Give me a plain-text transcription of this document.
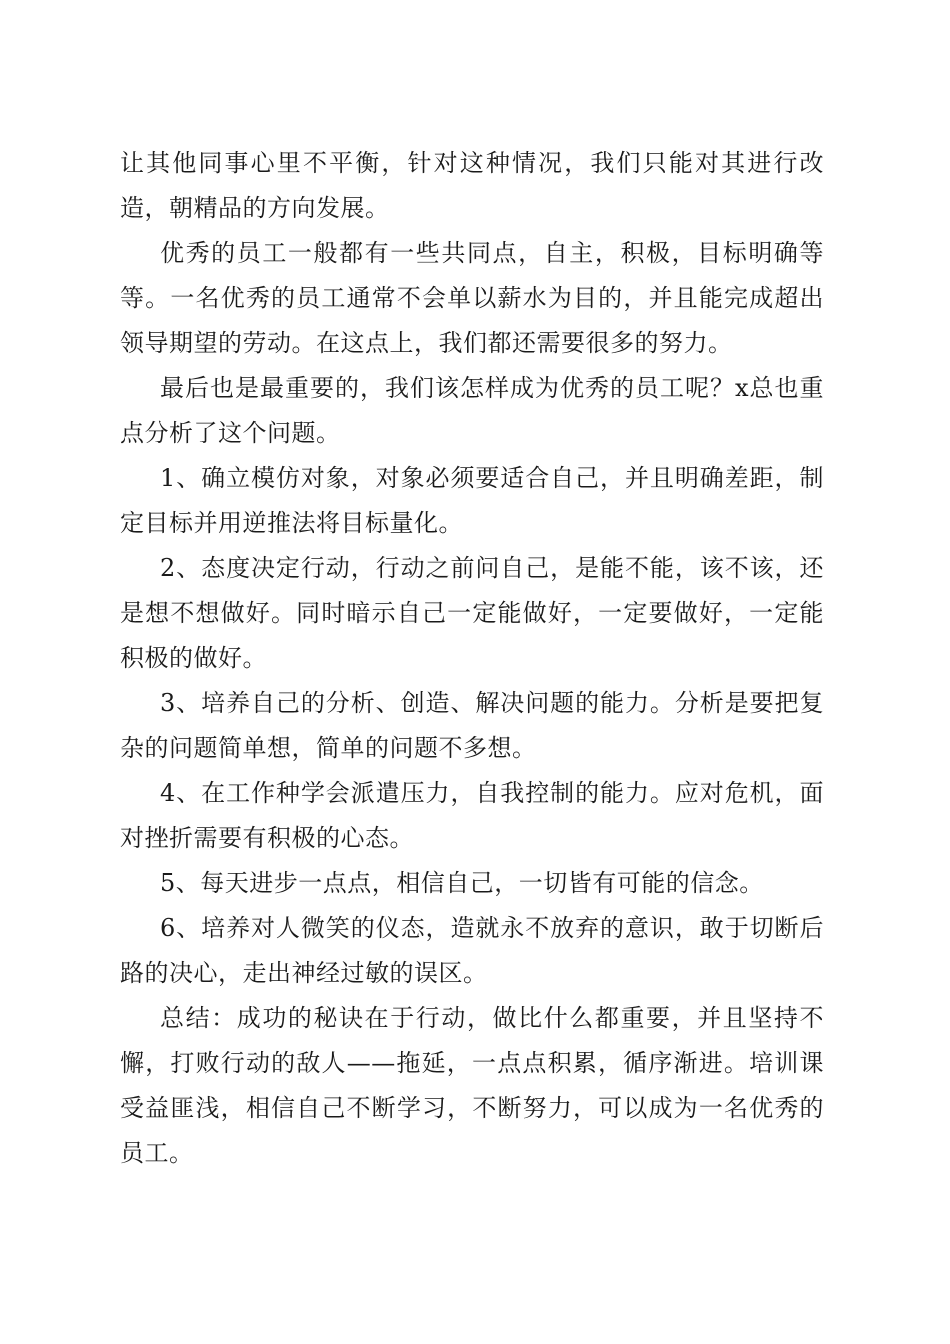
让其他同事心里不平衡，针对这种情况，我们只能对其进行改造，朝精品的方向发展。

优秀的员工一般都有一些共同点，自主，积极，目标明确等等。一名优秀的员工通常不会单以薪水为目的，并且能完成超出领导期望的劳动。在这点上，我们都还需要很多的努力。

最后也是最重要的，我们该怎样成为优秀的员工呢？x总也重点分析了这个问题。

1、确立模仿对象，对象必须要适合自己，并且明确差距，制定目标并用逆推法将目标量化。

2、态度决定行动，行动之前问自己，是能不能，该不该，还是想不想做好。同时暗示自己一定能做好，一定要做好，一定能积极的做好。

3、培养自己的分析、创造、解决问题的能力。分析是要把复杂的问题简单想，简单的问题不多想。

4、在工作种学会派遣压力，自我控制的能力。应对危机，面对挫折需要有积极的心态。

5、每天进步一点点，相信自己，一切皆有可能的信念。

6、培养对人微笑的仪态，造就永不放弃的意识，敢于切断后路的决心，走出神经过敏的误区。

总结：成功的秘诀在于行动，做比什么都重要，并且坚持不懈，打败行动的敌人——拖延，一点点积累，循序渐进。培训课受益匪浅，相信自己不断学习，不断努力，可以成为一名优秀的员工。
